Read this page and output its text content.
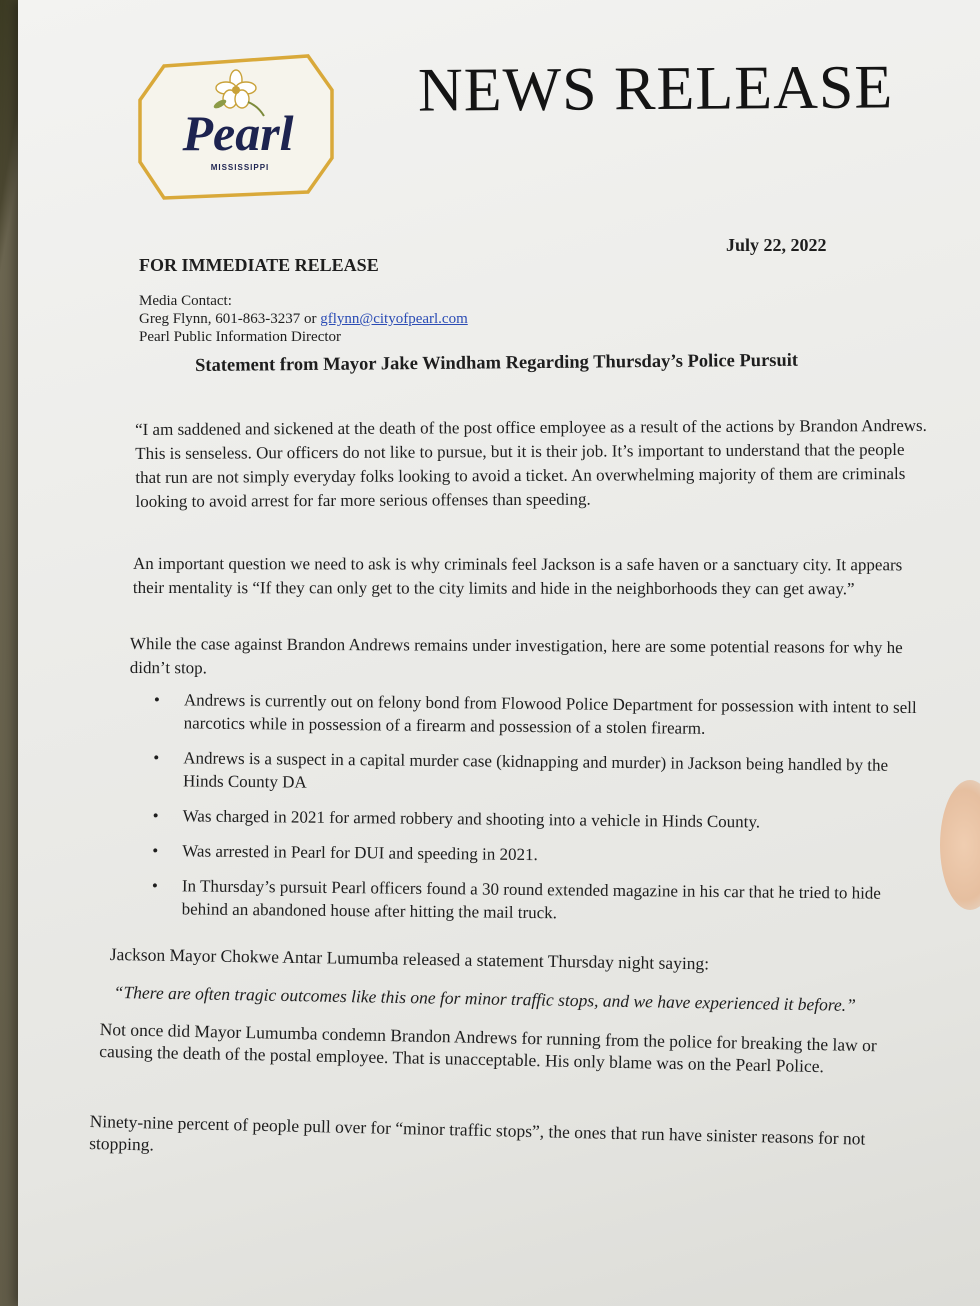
Pearl
MISSISSIPPI
NEWS RELEASE
July 22, 2022
FOR IMMEDIATE RELEASE
Media Contact:
Greg Flynn, 601-863-3237 or gflynn@cityofpearl.com
Pearl Public Information Director
Statement from Mayor Jake Windham Regarding Thursday’s Police Pursuit
“I am saddened and sickened at the death of the post office employee as a result of the actions by Brandon Andrews. This is senseless. Our officers do not like to pursue, but it is their job. It’s important to understand that the people that run are not simply everyday folks looking to avoid a ticket. An overwhelming majority of them are criminals looking to avoid arrest for far more serious offenses than speeding.
An important question we need to ask is why criminals feel Jackson is a safe haven or a sanctuary city. It appears their mentality is “If they can only get to the city limits and hide in the neighborhoods they can get away.”
While the case against Brandon Andrews remains under investigation, here are some potential reasons for why he didn’t stop.
• Andrews is currently out on felony bond from Flowood Police Department for possession with intent to sell narcotics while in possession of a firearm and possession of a stolen firearm.
• Andrews is a suspect in a capital murder case (kidnapping and murder) in Jackson being handled by the Hinds County DA
• Was charged in 2021 for armed robbery and shooting into a vehicle in Hinds County.
• Was arrested in Pearl for DUI and speeding in 2021.
• In Thursday’s pursuit Pearl officers found a 30 round extended magazine in his car that he tried to hide behind an abandoned house after hitting the mail truck.
Jackson Mayor Chokwe Antar Lumumba released a statement Thursday night saying:
“There are often tragic outcomes like this one for minor traffic stops, and we have experienced it before.”
Not once did Mayor Lumumba condemn Brandon Andrews for running from the police for breaking the law or causing the death of the postal employee. That is unacceptable. His only blame was on the Pearl Police.
Ninety-nine percent of people pull over for “minor traffic stops”, the ones that run have sinister reasons for not stopping.
